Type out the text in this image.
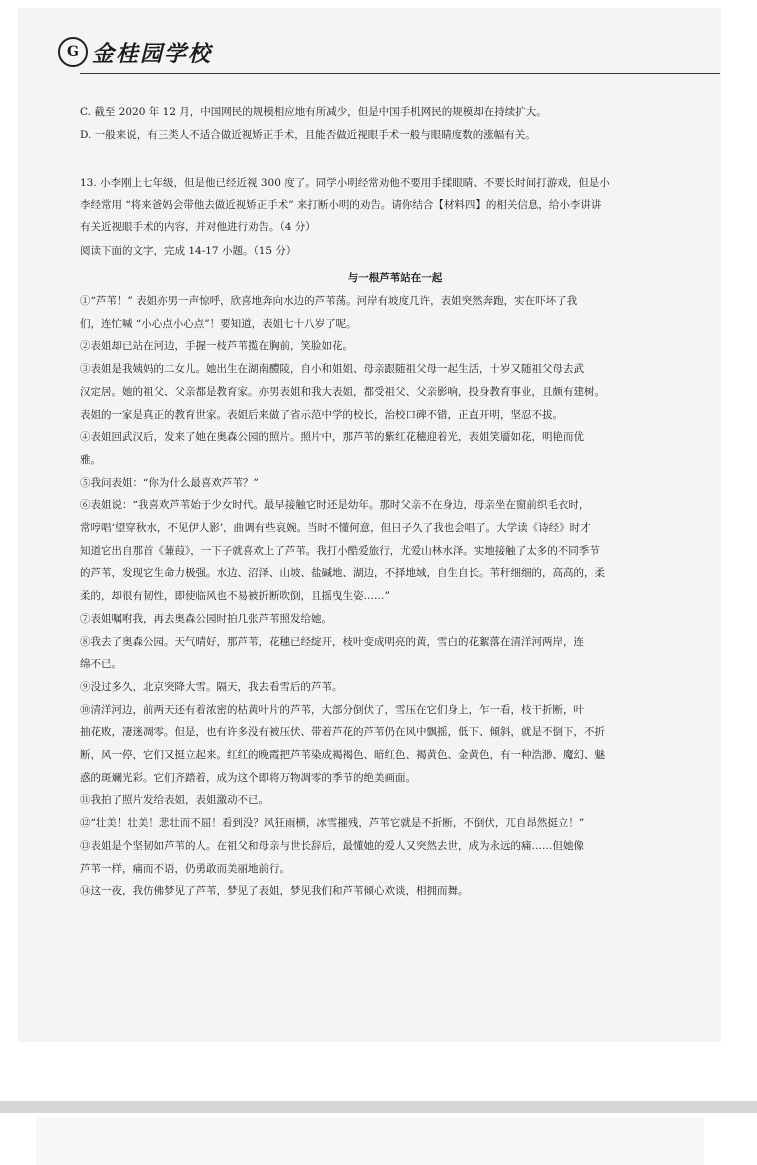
G 金桂园学校
C. 截至 2020 年 12 月，中国网民的规模相应地有所减少，但是中国手机网民的规模却在持续扩大。
D. 一般来说，有三类人不适合做近视矫正手术，且能否做近视眼手术一般与眼睛度数的涨幅有关。
13. 小李刚上七年级，但是他已经近视 300 度了。同学小明经常劝他不要用手揉眼睛、不要长时间打游戏，但是小
李经常用 “将来爸妈会带他去做近视矫正手术” 来打断小明的劝告。请你结合【材料四】的相关信息，给小李讲讲
有关近视眼手术的内容，并对他进行劝告。（4 分）
阅读下面的文字，完成 14-17 小题。（15 分）
与一根芦苇站在一起
①“芦苇！” 表姐亦男一声惊呼，欣喜地奔向水边的芦苇荡。河岸有坡度几许，表姐突然奔跑，实在吓坏了我
们，连忙喊 “小心点小心点”！要知道，表姐七十八岁了呢。
②表姐却已站在河边，手握一枝芦苇揽在胸前，笑脸如花。
③表姐是我姨妈的二女儿。她出生在湖南醴陵，自小和姐姐、母亲跟随祖父母一起生活，十岁又随祖父母去武
汉定居。她的祖父、父亲都是教育家。亦男表姐和我大表姐，都受祖父、父亲影响，投身教育事业，且颇有建树。
表姐的一家是真正的教育世家。表姐后来做了省示范中学的校长，治校口碑不错，正直开明，坚忍不拔。
④表姐回武汉后，发来了她在奥森公园的照片。照片中，那芦苇的紫红花穗迎着光，表姐笑靥如花，明艳而优
雅。
⑤我问表姐：“你为什么最喜欢芦苇？”
⑥表姐说：“我喜欢芦苇始于少女时代。最早接触它时还是幼年。那时父亲不在身边，母亲坐在窗前织毛衣时，
常哼唱‘望穿秋水，不见伊人影’，曲调有些哀婉。当时不懂何意，但日子久了我也会唱了。大学读《诗经》时才
知道它出自那首《蒹葭》，一下子就喜欢上了芦苇。我打小酷爱旅行，尤爱山林水泽。实地接触了太多的不同季节
的芦苇，发现它生命力极强。水边、沼泽、山坡、盐碱地、湖边，不择地域，自生自长。苇秆细细的，高高的，柔
柔的，却很有韧性，即使临风也不易被折断吹倒，且摇曳生姿……”
⑦表姐嘱咐我，再去奥森公园时拍几张芦苇照发给她。
⑧我去了奥森公园。天气晴好，那芦苇，花穗已经绽开，枝叶变成明亮的黄，雪白的花絮落在清洋河两岸，连
绵不已。
⑨没过多久，北京突降大雪。隔天，我去看雪后的芦苇。
⑩清洋河边，前两天还有着浓密的枯黄叶片的芦苇，大部分倒伏了，雪压在它们身上，乍一看，枝干折断，叶
抽花败，凄迷凋零。但是，也有许多没有被压伏、带着芦花的芦苇仍在风中飘摇，低下、倾斜，就是不倒下，不折
断，风一停，它们又挺立起来。红红的晚霞把芦苇染成褐褐色、暗红色、褐黄色、金黄色，有一种浩渺、魔幻、魅
惑的斑斓光彩。它们齐踏着，成为这个即将万物凋零的季节的绝美画面。
⑪我拍了照片发给表姐，表姐激动不已。
⑫“壮美！壮美！悲壮而不屈！看到没？风狂雨横，冰雪摧残，芦苇它就是不折断，不倒伏，兀自昂然挺立！”
⑬表姐是个坚韧如芦苇的人。在祖父和母亲与世长辞后，最懂她的爱人又突然去世，成为永远的痛……但她像
芦苇一样，痛而不语，仍勇敢而美丽地前行。
⑭这一夜，我仿佛梦见了芦苇，梦见了表姐，梦见我们和芦苇倾心欢谈，相拥而舞。
